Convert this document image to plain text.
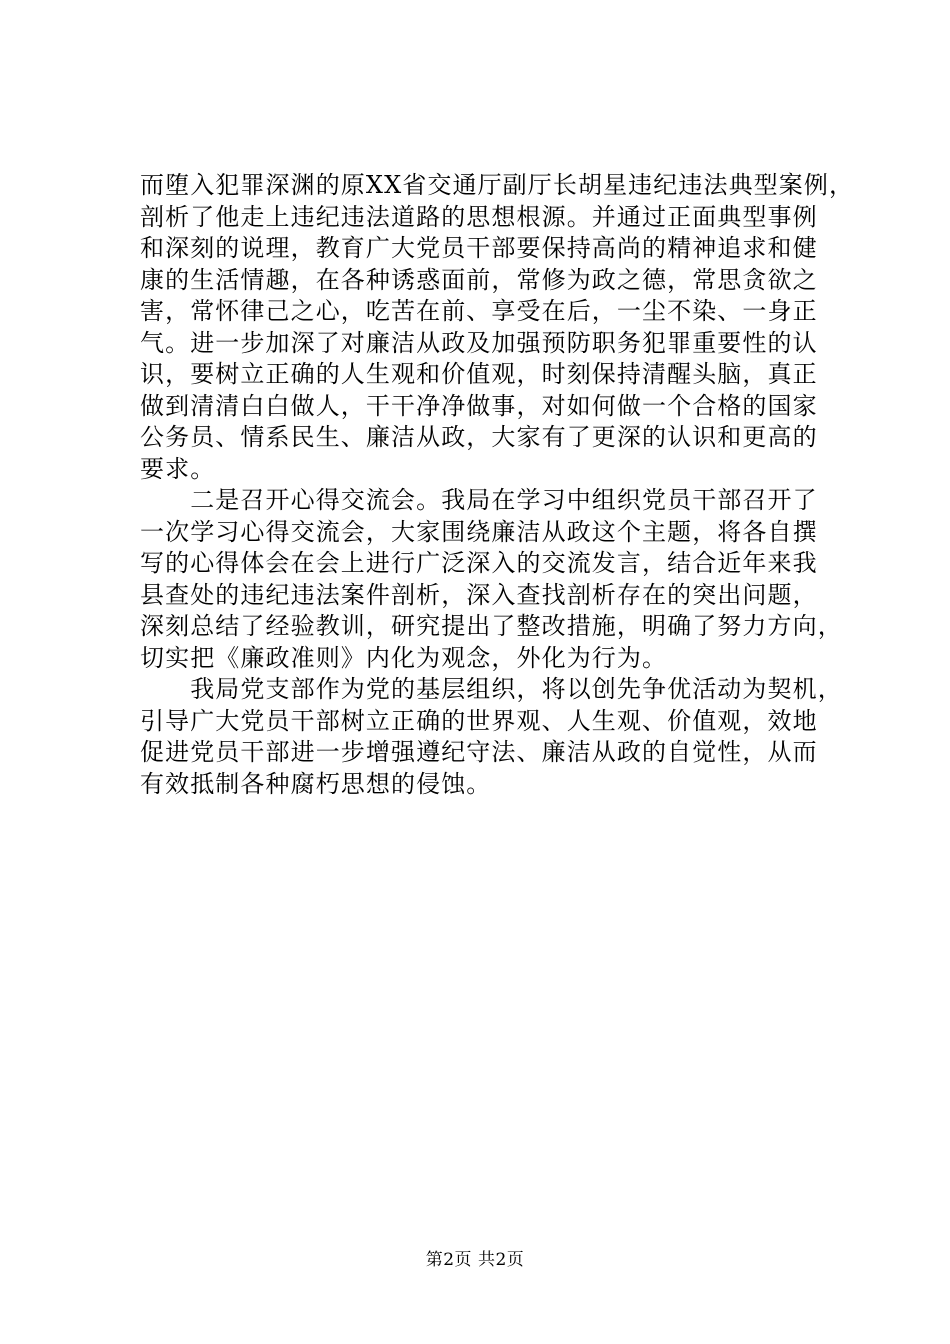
而堕入犯罪深渊的原XX省交通厅副厅长胡星违纪违法典型案例，
剖析了他走上违纪违法道路的思想根源。并通过正面典型事例
和深刻的说理，教育广大党员干部要保持高尚的精神追求和健
康的生活情趣，在各种诱惑面前，常修为政之德，常思贪欲之
害，常怀律己之心，吃苦在前、享受在后，一尘不染、一身正
气。进一步加深了对廉洁从政及加强预防职务犯罪重要性的认
识，要树立正确的人生观和价值观，时刻保持清醒头脑，真正
做到清清白白做人，干干净净做事，对如何做一个合格的国家
公务员、情系民生、廉洁从政，大家有了更深的认识和更高的
要求。
　　二是召开心得交流会。我局在学习中组织党员干部召开了
一次学习心得交流会，大家围绕廉洁从政这个主题，将各自撰
写的心得体会在会上进行广泛深入的交流发言，结合近年来我
县查处的违纪违法案件剖析，深入查找剖析存在的突出问题，
深刻总结了经验教训，研究提出了整改措施，明确了努力方向，
切实把《廉政准则》内化为观念，外化为行为。
　　我局党支部作为党的基层组织，将以创先争优活动为契机，
引导广大党员干部树立正确的世界观、人生观、价值观，效地
促进党员干部进一步增强遵纪守法、廉洁从政的自觉性，从而
有效抵制各种腐朽思想的侵蚀。
第2页 共2页
